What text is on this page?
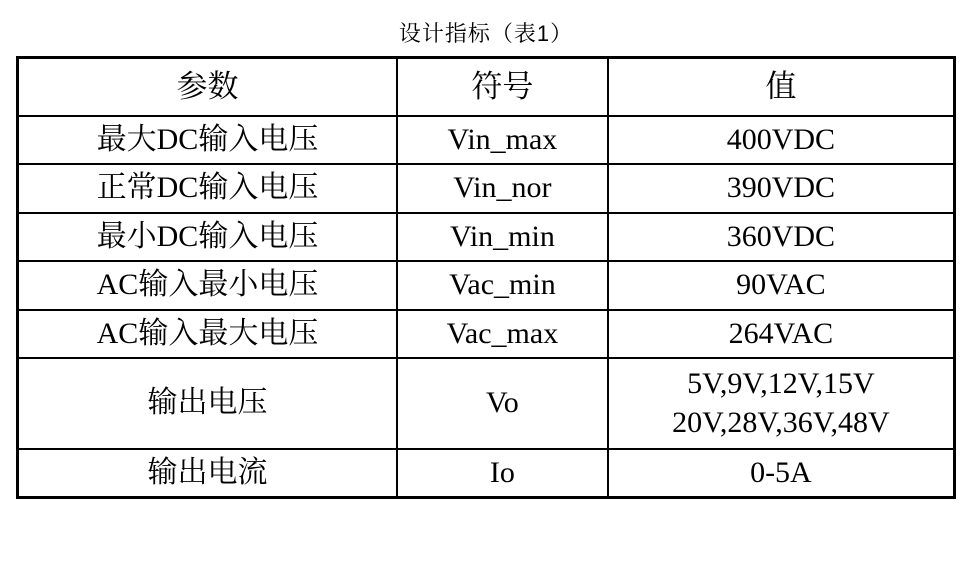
设计指标（表1）
参数	符号	值
最大DC输入电压	Vin_max	400VDC
正常DC输入电压	Vin_nor	390VDC
最小DC输入电压	Vin_min	360VDC
AC输入最小电压	Vac_min	90VAC
AC输入最大电压	Vac_max	264VAC
输出电压	Vo	5V,9V,12V,15V
20V,28V,36V,48V

输出电流	Io	0-5A
